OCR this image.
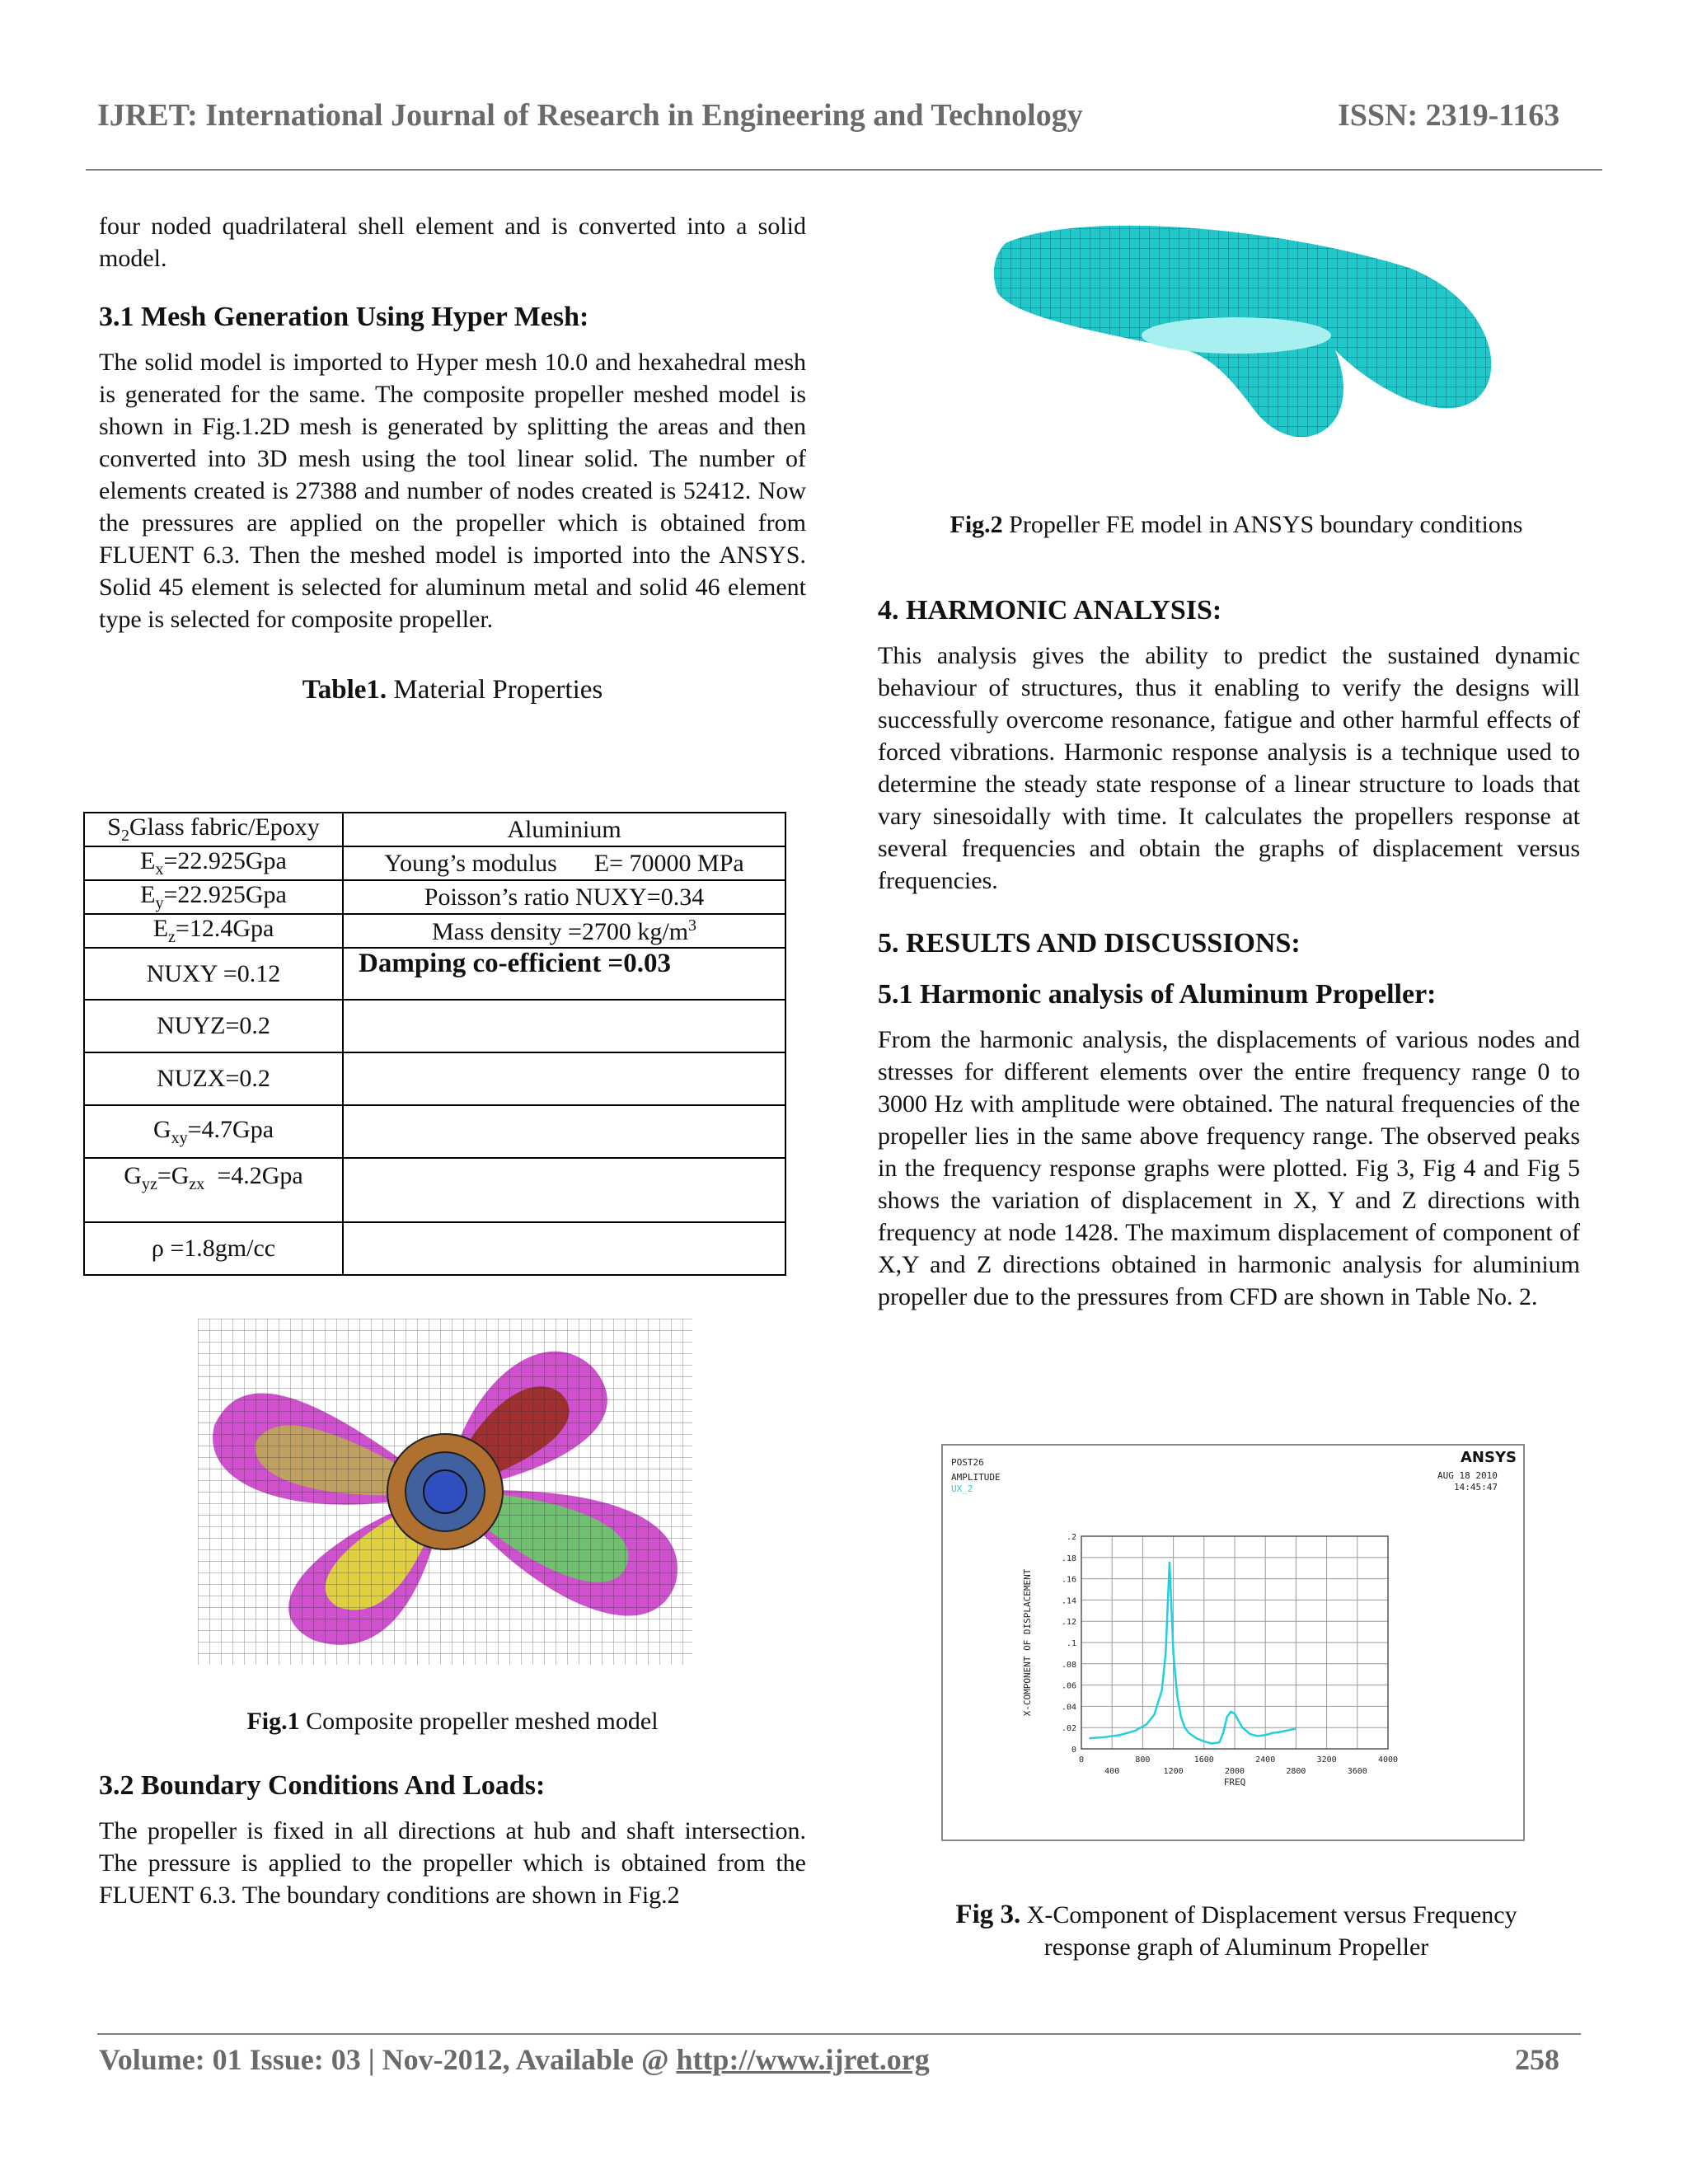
IJRET: International Journal of Research in Engineering and Technology	ISSN: 2319-1163

four noded quadrilateral shell element and is converted into a solid model.

3.1 Mesh Generation Using Hyper Mesh:

The solid model is imported to Hyper mesh 10.0 and hexahedral mesh is generated for the same. The composite propeller meshed model is shown in Fig.1.2D mesh is generated by splitting the areas and then converted into 3D mesh using the tool linear solid. The number of elements created is 27388 and number of nodes created is 52412. Now the pressures are applied on the propeller which is obtained from FLUENT 6.3. Then the meshed model is imported into the ANSYS. Solid 45 element is selected for aluminum metal and solid 46 element type is selected for composite propeller.

Table1. Material Properties
$S_2Glass$ fabric/Epoxy	Aluminium
$E_x=22.925Gpa$	Young’s modulus      E= 70000 MPa
$E_y=22.925Gpa$	Poisson’s ratio NUXY=0.34
$E_z=12.4Gpa$	Mass density =2700 $kg/m^3$
NUXY =0.12	Damping co-efficient =0.03
NUYZ=0.2	
NUZX=0.2	
$G_{xy}=4.7Gpa$	
$G_{yz}=G_{zx} =4.2Gpa$	
ρ =1.8gm/cc	
Fig.1 Composite propeller meshed model
3.2 Boundary Conditions And Loads:

The propeller is fixed in all directions at hub and shaft intersection. The pressure is applied to the propeller which is obtained from the FLUENT 6.3. The boundary conditions are shown in Fig.2

Fig.2 Propeller FE model in ANSYS boundary conditions
4. HARMONIC ANALYSIS:

This analysis gives the ability to predict the sustained dynamic behaviour of structures, thus it enabling to verify the designs will successfully overcome resonance, fatigue and other harmful effects of forced vibrations. Harmonic response analysis is a technique used to determine the steady state response of a linear structure to loads that vary sinesoidally with time. It calculates the propellers response at several frequencies and obtain the graphs of displacement versus frequencies.

5. RESULTS AND DISCUSSIONS:
5.1 Harmonic analysis of Aluminum Propeller:

From the harmonic analysis, the displacements of various nodes and stresses for different elements over the entire frequency range 0 to 3000 Hz with amplitude were obtained. The natural frequencies of the propeller lies in the same above frequency range. The observed peaks in the frequency response graphs were plotted. Fig 3, Fig 4 and Fig 5 shows the variation of displacement in X, Y and Z directions with frequency at node 1428. The maximum displacement of component of X,Y and Z directions obtained in harmonic analysis for aluminium propeller due to the pressures from CFD are shown in Table No. 2.

POST26
AMPLITUDE
UX_2
ANSYS
AUG 18 2010
14:45:47
0
.02
.04
.06
.08
.1
.12
.14
.16
.18
.2
0	800	1600	2400	3200	4000
400	1200	2000	2800	3600
FREQ
X-COMPONENT OF DISPLACEMENT
Fig 3. X-Component of Displacement versus Frequency
response graph of Aluminum Propeller
Volume: 01 Issue: 03 | Nov-2012, Available @ http://www.ijret.org	258
